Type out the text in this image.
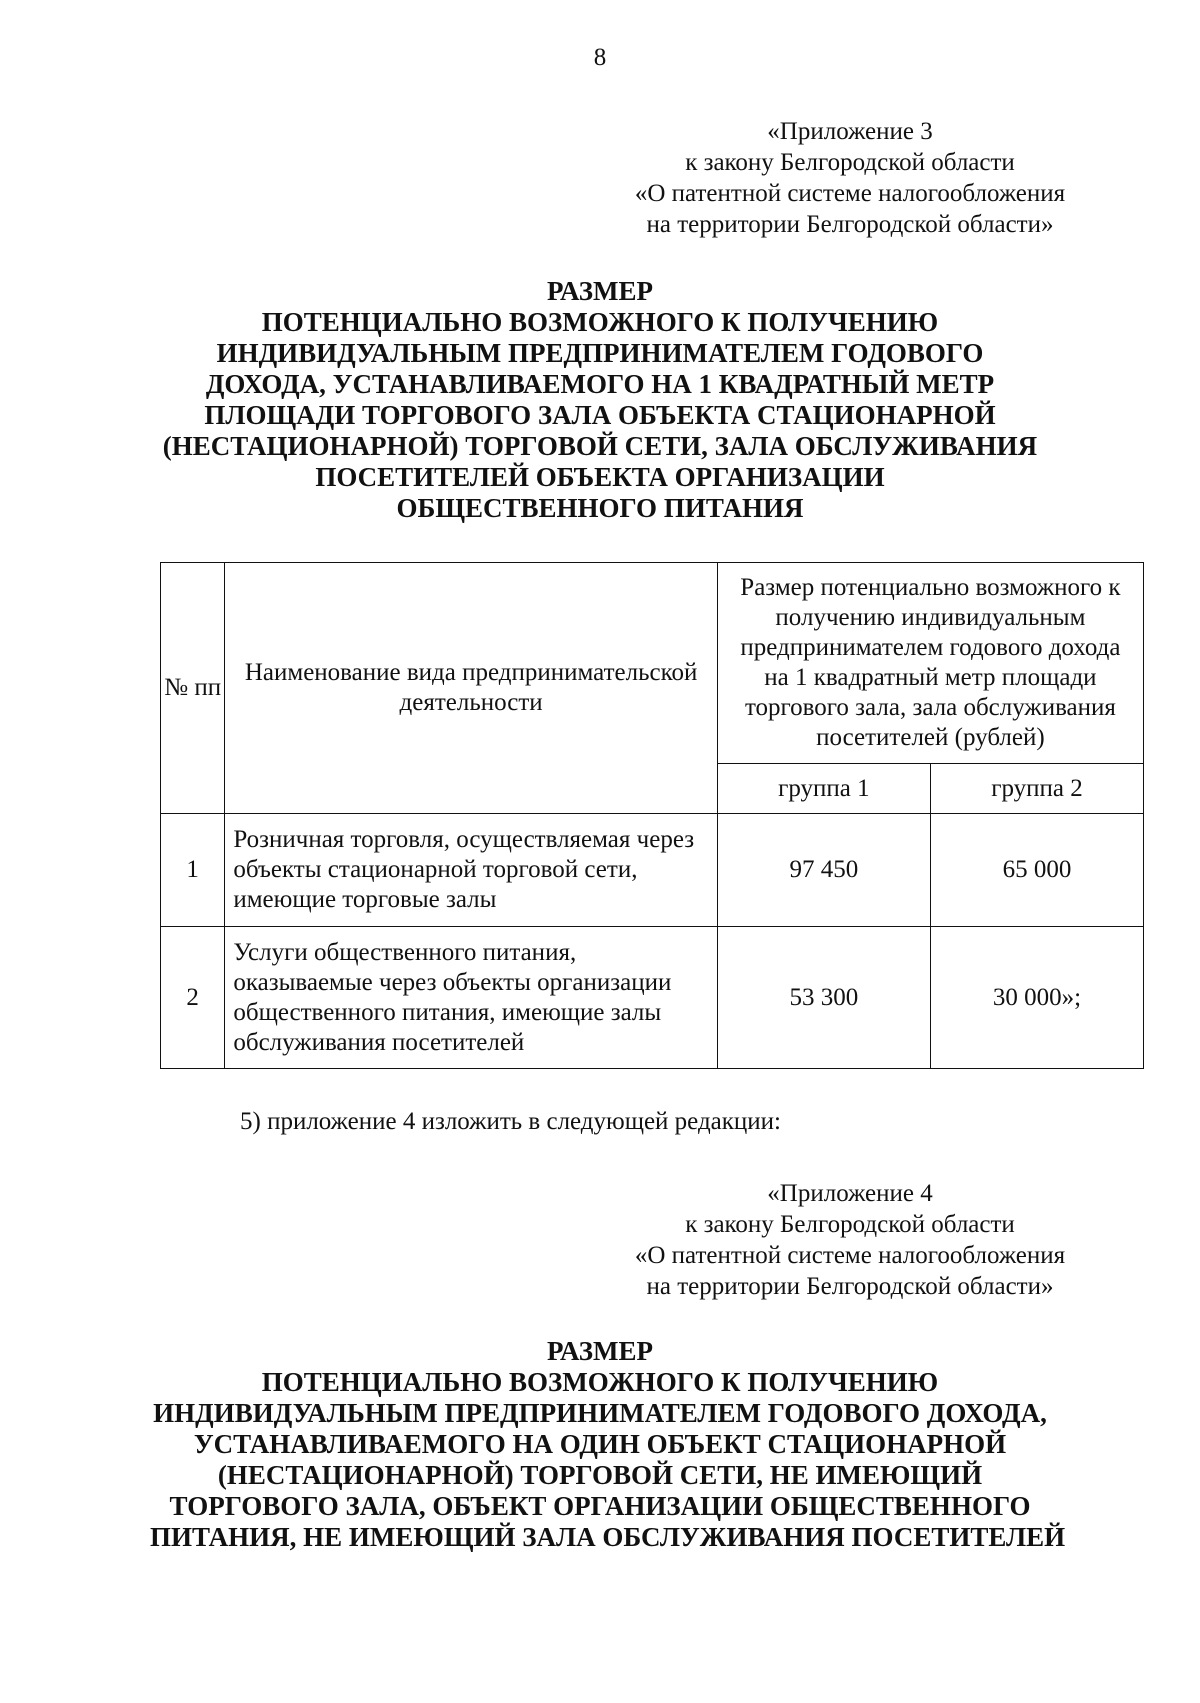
8
«Приложение 3
к закону Белгородской области
«О патентной системе налогообложения
на территории Белгородской области»
РАЗМЕР
ПОТЕНЦИАЛЬНО ВОЗМОЖНОГО К ПОЛУЧЕНИЮ
ИНДИВИДУАЛЬНЫМ ПРЕДПРИНИМАТЕЛЕМ ГОДОВОГО
ДОХОДА, УСТАНАВЛИВАЕМОГО НА 1 КВАДРАТНЫЙ МЕТР
ПЛОЩАДИ ТОРГОВОГО ЗАЛА ОБЪЕКТА СТАЦИОНАРНОЙ
(НЕСТАЦИОНАРНОЙ) ТОРГОВОЙ СЕТИ, ЗАЛА ОБСЛУЖИВАНИЯ
ПОСЕТИТЕЛЕЙ ОБЪЕКТА ОРГАНИЗАЦИИ
ОБЩЕСТВЕННОГО ПИТАНИЯ
№ пп	Наименование вида предпринимательской деятельности	Размер потенциально возможного к получению индивидуальным предпринимателем годового дохода на 1 квадратный метр площади торгового зала, зала обслуживания посетителей (рублей)	
		группа 1	группа 2
1	Розничная торговля, осуществляемая через объекты стационарной торговой сети, имеющие торговые залы	97 450	65 000
2	Услуги общественного питания, оказываемые через объекты организации общественного питания, имеющие залы обслуживания посетителей	53 300	30 000»;
5) приложение 4 изложить в следующей редакции:
«Приложение 4
к закону Белгородской области
«О патентной системе налогообложения
на территории Белгородской области»
РАЗМЕР
ПОТЕНЦИАЛЬНО ВОЗМОЖНОГО К ПОЛУЧЕНИЮ
ИНДИВИДУАЛЬНЫМ ПРЕДПРИНИМАТЕЛЕМ ГОДОВОГО ДОХОДА,
УСТАНАВЛИВАЕМОГО НА ОДИН ОБЪЕКТ СТАЦИОНАРНОЙ
(НЕСТАЦИОНАРНОЙ) ТОРГОВОЙ СЕТИ, НЕ ИМЕЮЩИЙ
ТОРГОВОГО ЗАЛА, ОБЪЕКТ ОРГАНИЗАЦИИ ОБЩЕСТВЕННОГО
ПИТАНИЯ, НЕ ИМЕЮЩИЙ ЗАЛА ОБСЛУЖИВАНИЯ ПОСЕТИТЕЛЕЙ
